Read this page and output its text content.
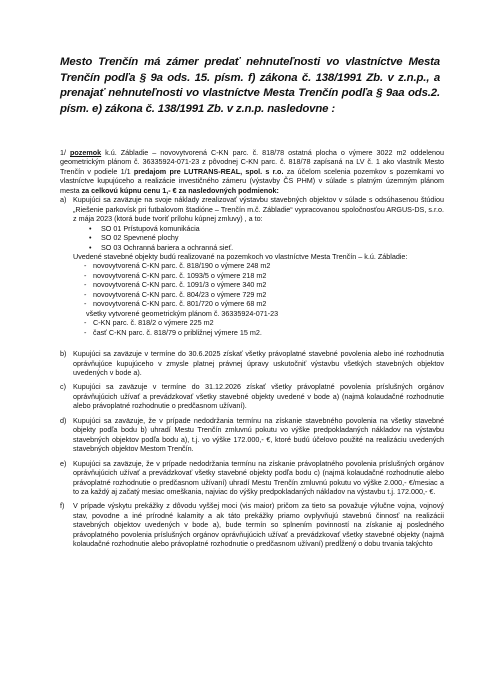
Mesto Trenčín má zámer predať nehnuteľnosti vo vlastníctve Mesta Trenčín podľa § 9a ods. 15. písm. f) zákona č. 138/1991 Zb. v z.n.p., a prenajať nehnuteľnosti vo vlastníctve Mesta Trenčín podľa § 9aa ods.2. písm. e) zákona č. 138/1991 Zb. v z.n.p. nasledovne :

1/ pozemok k.ú. Zábladie – novovytvorená C-KN parc. č. 818/78 ostatná plocha o výmere 3022 m2 oddelenou geometrickým plánom č. 36335924-071-23 z pôvodnej C-KN parc. č. 818/78 zapísaná na LV č. 1 ako vlastník Mesto Trenčín v podiele 1/1 predajom pre LUTRANS-REAL, spol. s r.o. za účelom scelenia pozemkov s pozemkami vo vlastníctve kupujúceho a realizácie investičného zámeru (výstavby ČS PHM) v súlade s platným územným plánom mesta za celkovú kúpnu cenu 1,- € za nasledovných podmienok:

a) Kupujúci sa zaväzuje na svoje náklady zrealizovať výstavbu stavebných objektov v súlade s odsúhasenou štúdiou „Riešenie parkovísk pri futbalovom štadióne – Trenčín m.č. Zábladie“ vypracovanou spoločnosťou ARGUS-DS, s.r.o. z mája 2023 (ktorá bude tvoriť prílohu kúpnej zmluvy) , a to:

• SO 01 Prístupová komunikácia
• SO 02 Spevnené plochy
• SO 03 Ochranná bariera a ochranná sieť.

Uvedené stavebné objekty budú realizované na pozemkoch vo vlastníctve Mesta Trenčín – k.ú. Zábladie:

- novovytvorená C-KN parc. č. 818/190 o výmere 248 m2
- novovytvorená C-KN parc. č. 1093/5 o výmere 218 m2
- novovytvorená C-KN parc. č. 1091/3 o výmere 340 m2
- novovytvorená C-KN parc. č. 804/23 o výmere 729 m2
- novovytvorená C-KN parc. č. 801/720 o výmere 68 m2

všetky vytvorené geometrickým plánom č. 36335924-071-23

- C-KN parc. č. 818/2 o výmere 225 m2
- časť C-KN parc. č. 818/79 o približnej výmere 15 m2.
b) Kupujúci sa zaväzuje v termíne do 30.6.2025 získať všetky právoplatné stavebné povolenia alebo iné rozhodnutia oprávňujúce kupujúceho v zmysle platnej právnej úpravy uskutočniť výstavbu všetkých stavebných objektov uvedených v bode a).

c) Kupujúci sa zaväzuje v termíne do 31.12.2026 získať všetky právoplatné povolenia príslušných orgánov oprávňujúcich užívať a prevádzkovať všetky stavebné objekty uvedené v bode a) (najmä kolaudačné rozhodnutie alebo právoplatné rozhodnutie o predčasnom užívaní).

d) Kupujúci sa zaväzuje, že v prípade nedodržania termínu na získanie stavebného povolenia na všetky stavebné objekty podľa bodu b) uhradí Mestu Trenčín zmluvnú pokutu vo výške predpokladaných nákladov na výstavbu stavebných objektov podľa bodu a), t.j. vo výške 172.000,- €, ktoré budú účelovo použité na realizáciu uvedených stavebných objektov Mestom Trenčín.

e) Kupujúci sa zaväzuje, že v prípade nedodržania termínu na získanie právoplatného povolenia príslušných orgánov oprávňujúcich užívať a prevádzkovať všetky stavebné objekty podľa bodu c) (najmä kolaudačné rozhodnutie alebo právoplatné rozhodnutie o predčasnom užívaní) uhradí Mestu Trenčín zmluvnú pokutu vo výške 2.000,- €/mesiac a to za každý aj začatý mesiac omeškania, najviac do výšky predpokladaných nákladov na výstavbu t.j. 172.000,- €.

f) V prípade výskytu prekážky z dôvodu vyššej moci (vis maior) pričom za tieto sa považuje výlučne vojna, vojnový stav, povodne a iné prírodné kalamity a ak táto prekážky priamo ovplyvňujú stavebnú činnosť na realizácii stavebných objektov uvedených v bode a), bude termín so splnením povinností na získanie aj posledného právoplatného povolenia príslušných orgánov oprávňujúcich užívať a prevádzkovať všetky stavebné objekty (najmä kolaudačné rozhodnutie alebo právoplatné rozhodnutie o predčasnom užívaní) predĺžený o dobu trvania takýchto
